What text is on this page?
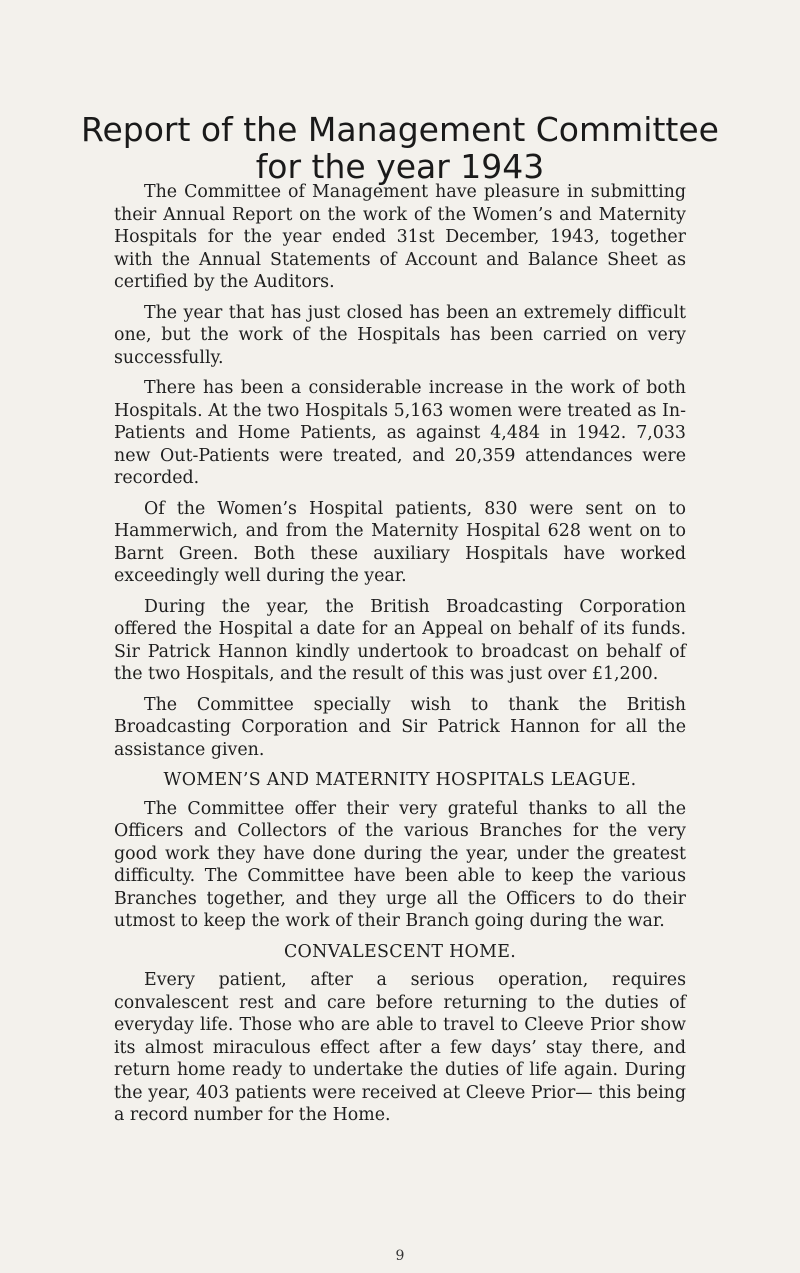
Report of the Management Committee
for the year 1943

The Committee of Management have pleasure in submitting their Annual Report on the work of the Women’s and Maternity Hospitals for the year ended 31st December, 1943, together with the Annual Statements of Account and Balance Sheet as certified by the Auditors.

The year that has just closed has been an extremely difficult one, but the work of the Hospitals has been carried on very successfully.

There has been a considerable increase in the work of both Hospitals. At the two Hospitals 5,163 women were treated as In-Patients and Home Patients, as against 4,484 in 1942. 7,033 new Out-Patients were treated, and 20,359 attendances were recorded.

Of the Women’s Hospital patients, 830 were sent on to Hammerwich, and from the Maternity Hospital 628 went on to Barnt Green. Both these auxiliary Hospitals have worked exceedingly well during the year.

During the year, the British Broadcasting Corporation offered the Hospital a date for an Appeal on behalf of its funds. Sir Patrick Hannon kindly undertook to broadcast on behalf of the two Hospitals, and the result of this was just over £1,200.

The Committee specially wish to thank the British Broadcasting Corporation and Sir Patrick Hannon for all the assistance given.

WOMEN’S AND MATERNITY HOSPITALS LEAGUE.

The Committee offer their very grateful thanks to all the Officers and Collectors of the various Branches for the very good work they have done during the year, under the greatest difficulty. The Committee have been able to keep the various Branches together, and they urge all the Officers to do their utmost to keep the work of their Branch going during the war.

CONVALESCENT HOME.

Every patient, after a serious operation, requires convalescent rest and care before returning to the duties of everyday life. Those who are able to travel to Cleeve Prior show its almost miraculous effect after a few days’ stay there, and return home ready to undertake the duties of life again. During the year, 403 patients were received at Cleeve Prior— this being a record number for the Home.

9
